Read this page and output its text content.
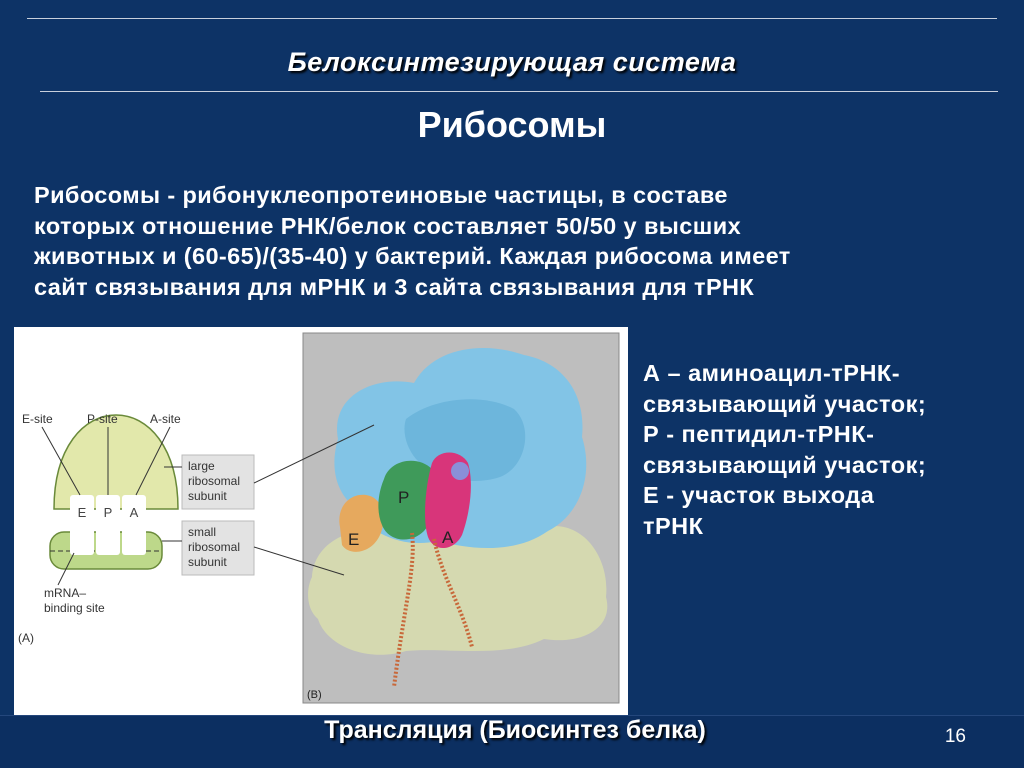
Белоксинтезирующая система
Рибосомы
Рибосомы - рибонуклеопротеиновые частицы, в составе
которых отношение РНК/белок составляет 50/50 у высших
животных и (60-65)/(35-40) у бактерий. Каждая рибосома имеет
сайт связывания для мРНК и 3 сайта связывания для тРНК
E P A
E-site	P-site	A-site
large
ribosomal
subunit
small
ribosomal
subunit
mRNA–
binding site
(A)
P
E	A
(B)
А – аминоацил-тРНК-
связывающий участок;
Р - пептидил-тРНК-
связывающий участок;
Е - участок выхода
тРНК
Трансляция (Биосинтез белка)	16
